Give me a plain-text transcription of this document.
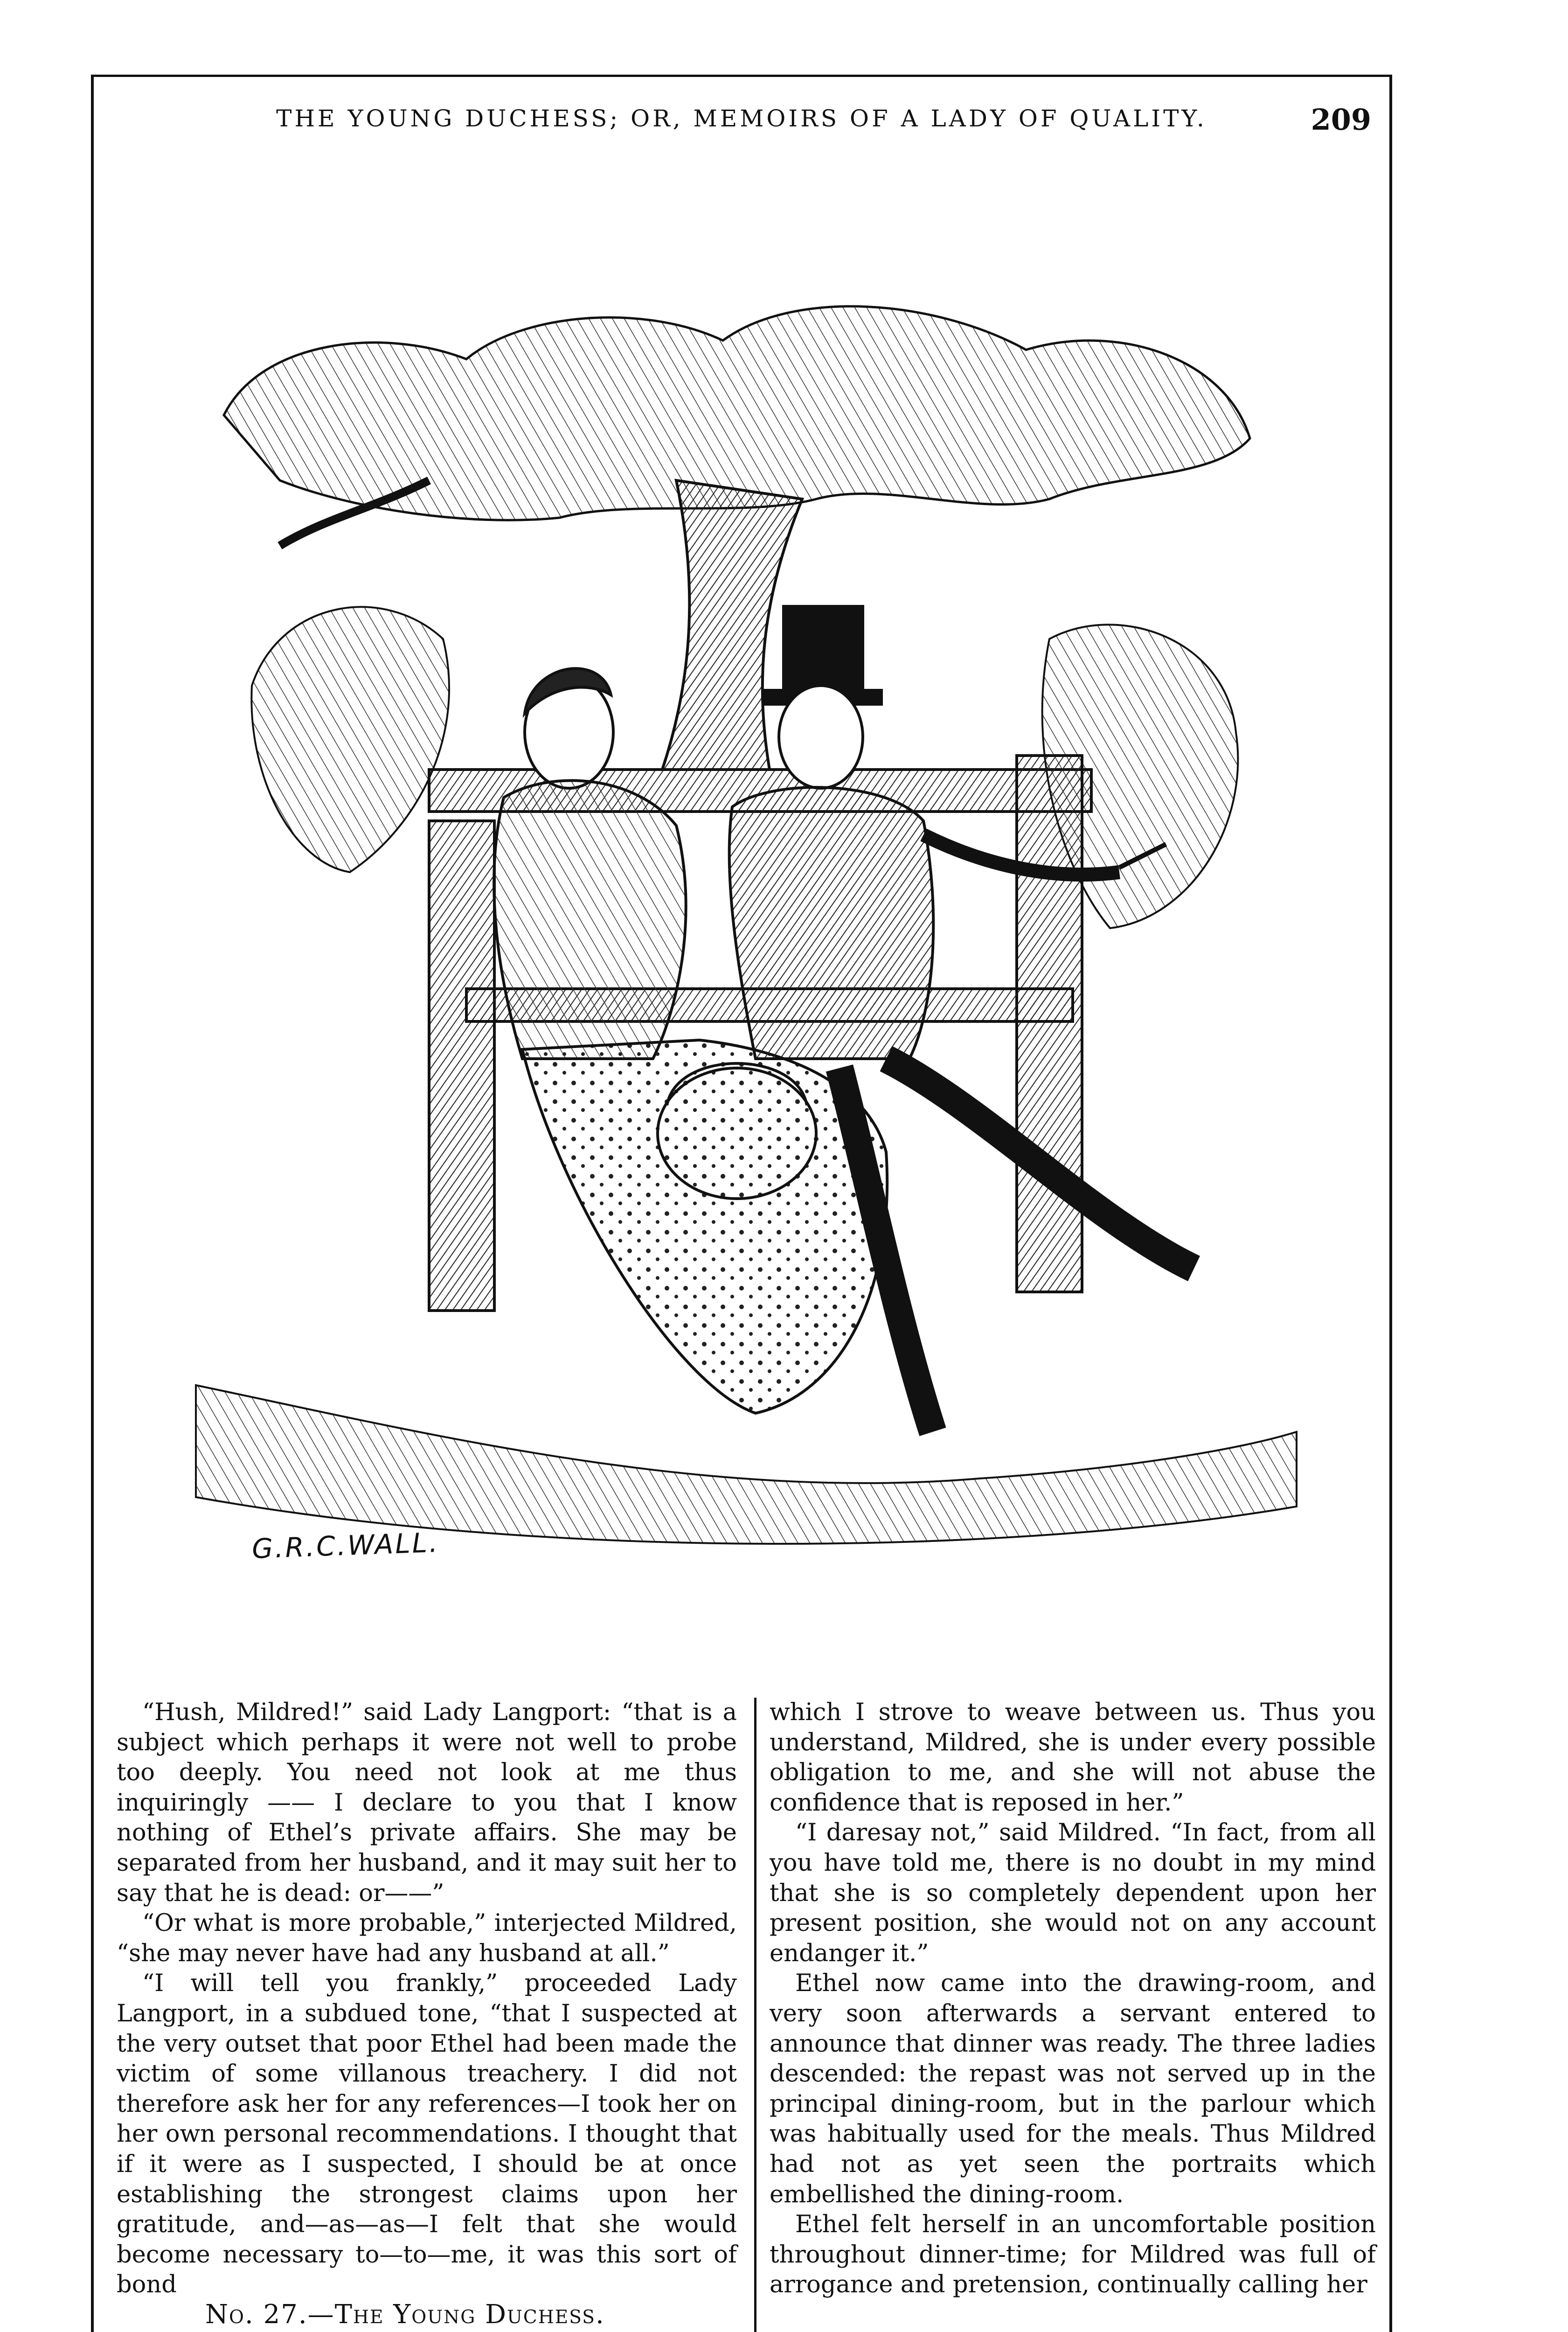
THE YOUNG DUCHESS; OR, MEMOIRS OF A LADY OF QUALITY.	209
G.R.C.WALL.

“Hush, Mildred!” said Lady Langport: “that is a subject which perhaps it were not well to probe too deeply. You need not look at me thus inquiringly —— I declare to you that I know nothing of Ethel’s private affairs. She may be separated from her husband, and it may suit her to say that he is dead: or——”

“Or what is more probable,” interjected Mildred, “she may never have had any husband at all.”

“I will tell you frankly,” proceeded Lady Langport, in a subdued tone, “that I suspected at the very outset that poor Ethel had been made the victim of some villanous treachery. I did not therefore ask her for any references—I took her on her own personal recommendations. I thought that if it were as I suspected, I should be at once establishing the strongest claims upon her gratitude, and—as—as—I felt that she would become necessary to—to—me, it was this sort of bond

which I strove to weave between us. Thus you understand, Mildred, she is under every possible obligation to me, and she will not abuse the confidence that is reposed in her.”

“I daresay not,” said Mildred. “In fact, from all you have told me, there is no doubt in my mind that she is so completely dependent upon her present position, she would not on any account endanger it.”

Ethel now came into the drawing-room, and very soon afterwards a servant entered to announce that dinner was ready. The three ladies descended: the repast was not served up in the principal dining-room, but in the parlour which was habitually used for the meals. Thus Mildred had not as yet seen the portraits which embellished the dining-room.

Ethel felt herself in an uncomfortable position throughout dinner-time; for Mildred was full of arrogance and pretension, continually calling her

No. 27.—The Young Duchess.
